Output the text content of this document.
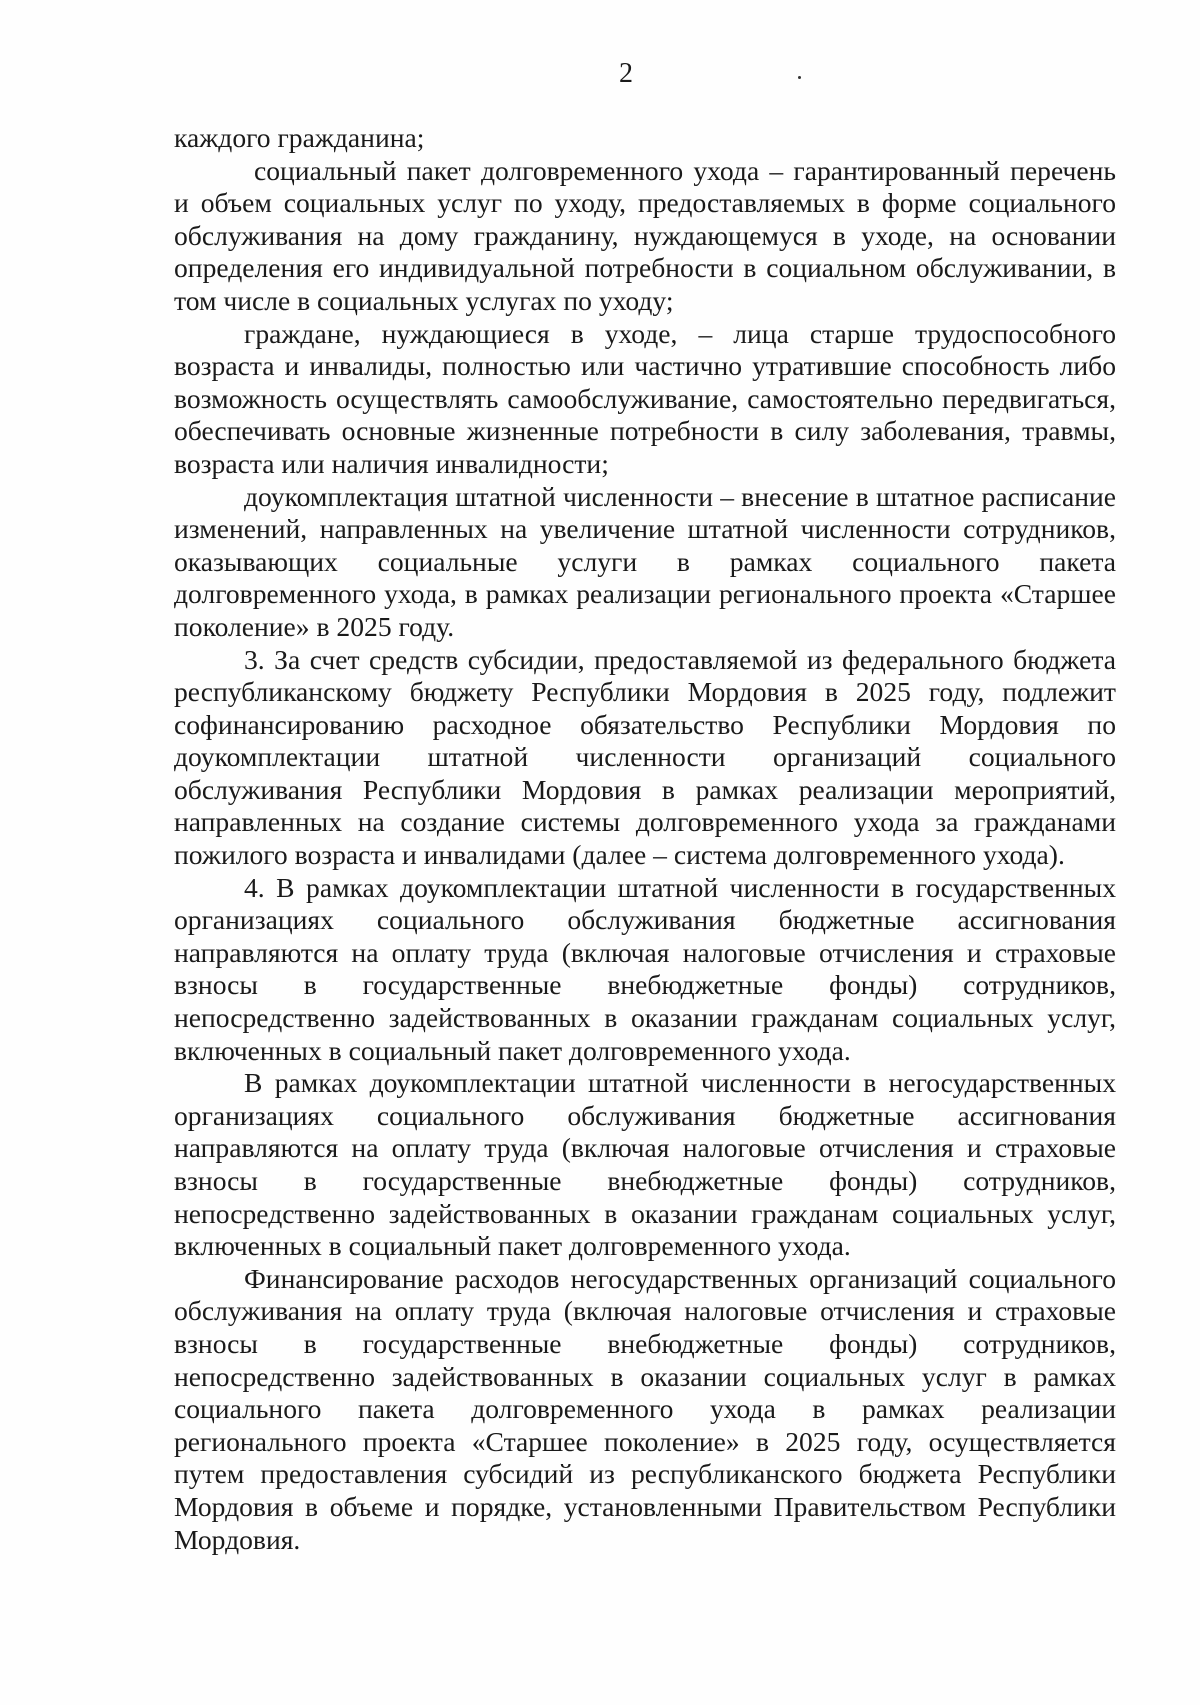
2

каждого гражданина;

социальный пакет долговременного ухода – гарантированный перечень и объем социальных услуг по уходу, предоставляемых в форме социального обслуживания на дому гражданину, нуждающемуся в уходе, на основании определения его индивидуальной потребности в социальном обслуживании, в том числе в социальных услугах по уходу;

граждане, нуждающиеся в уходе, – лица старше трудоспособного возраста и инвалиды, полностью или частично утратившие способность либо возможность осуществлять самообслуживание, самостоятельно передвигаться, обеспечивать основные жизненные потребности в силу заболевания, травмы, возраста или наличия инвалидности;

доукомплектация штатной численности – внесение в штатное расписание изменений, направленных на увеличение штатной численности сотрудников, оказывающих социальные услуги в рамках социального пакета долговременного ухода, в рамках реализации регионального проекта «Старшее поколение» в 2025 году.

3. За счет средств субсидии, предоставляемой из федерального бюджета республиканскому бюджету Республики Мордовия в 2025 году, подлежит софинансированию расходное обязательство Республики Мордовия по доукомплектации штатной численности организаций социального обслуживания Республики Мордовия в рамках реализации мероприятий, направленных на создание системы долговременного ухода за гражданами пожилого возраста и инвалидами (далее – система долговременного ухода).

4. В рамках доукомплектации штатной численности в государственных организациях социального обслуживания бюджетные ассигнования направляются на оплату труда (включая налоговые отчисления и страховые взносы в государственные внебюджетные фонды) сотрудников, непосредственно задействованных в оказании гражданам социальных услуг, включенных в социальный пакет долговременного ухода.

В рамках доукомплектации штатной численности в негосударственных организациях социального обслуживания бюджетные ассигнования направляются на оплату труда (включая налоговые отчисления и страховые взносы в государственные внебюджетные фонды) сотрудников, непосредственно задействованных в оказании гражданам социальных услуг, включенных в социальный пакет долговременного ухода.

Финансирование расходов негосударственных организаций социального обслуживания на оплату труда (включая налоговые отчисления и страховые взносы в государственные внебюджетные фонды) сотрудников, непосредственно задействованных в оказании социальных услуг в рамках социального пакета долговременного ухода в рамках реализации регионального проекта «Старшее поколение» в 2025 году, осуществляется путем предоставления субсидий из республиканского бюджета Республики Мордовия в объеме и порядке, установленными Правительством Республики Мордовия.
